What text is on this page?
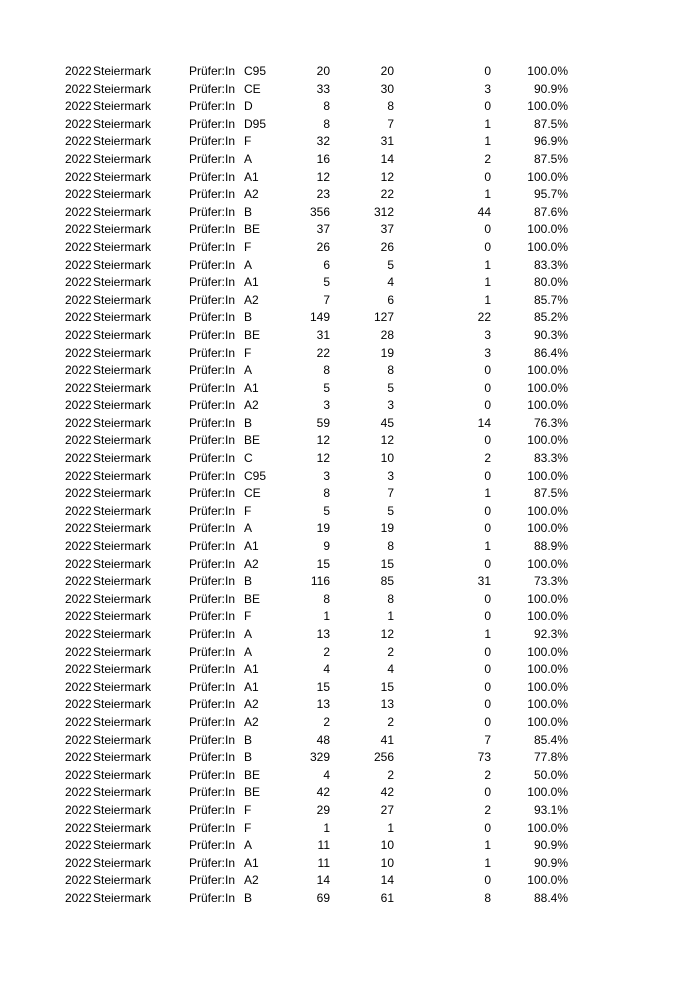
2022 Steiermark	Prüfer:In C95	20	20	0	100.0%
2022 Steiermark	Prüfer:In CE	33	30	3	90.9%
2022 Steiermark	Prüfer:In D	8	8	0	100.0%
2022 Steiermark	Prüfer:In D95	8	7	1	87.5%
2022 Steiermark	Prüfer:In F	32	31	1	96.9%
2022 Steiermark	Prüfer:In A	16	14	2	87.5%
2022 Steiermark	Prüfer:In A1	12	12	0	100.0%
2022 Steiermark	Prüfer:In A2	23	22	1	95.7%
2022 Steiermark	Prüfer:In B	356	312	44	87.6%
2022 Steiermark	Prüfer:In BE	37	37	0	100.0%
2022 Steiermark	Prüfer:In F	26	26	0	100.0%
2022 Steiermark	Prüfer:In A	6	5	1	83.3%
2022 Steiermark	Prüfer:In A1	5	4	1	80.0%
2022 Steiermark	Prüfer:In A2	7	6	1	85.7%
2022 Steiermark	Prüfer:In B	149	127	22	85.2%
2022 Steiermark	Prüfer:In BE	31	28	3	90.3%
2022 Steiermark	Prüfer:In F	22	19	3	86.4%
2022 Steiermark	Prüfer:In A	8	8	0	100.0%
2022 Steiermark	Prüfer:In A1	5	5	0	100.0%
2022 Steiermark	Prüfer:In A2	3	3	0	100.0%
2022 Steiermark	Prüfer:In B	59	45	14	76.3%
2022 Steiermark	Prüfer:In BE	12	12	0	100.0%
2022 Steiermark	Prüfer:In C	12	10	2	83.3%
2022 Steiermark	Prüfer:In C95	3	3	0	100.0%
2022 Steiermark	Prüfer:In CE	8	7	1	87.5%
2022 Steiermark	Prüfer:In F	5	5	0	100.0%
2022 Steiermark	Prüfer:In A	19	19	0	100.0%
2022 Steiermark	Prüfer:In A1	9	8	1	88.9%
2022 Steiermark	Prüfer:In A2	15	15	0	100.0%
2022 Steiermark	Prüfer:In B	116	85	31	73.3%
2022 Steiermark	Prüfer:In BE	8	8	0	100.0%
2022 Steiermark	Prüfer:In F	1	1	0	100.0%
2022 Steiermark	Prüfer:In A	13	12	1	92.3%
2022 Steiermark	Prüfer:In A	2	2	0	100.0%
2022 Steiermark	Prüfer:In A1	4	4	0	100.0%
2022 Steiermark	Prüfer:In A1	15	15	0	100.0%
2022 Steiermark	Prüfer:In A2	13	13	0	100.0%
2022 Steiermark	Prüfer:In A2	2	2	0	100.0%
2022 Steiermark	Prüfer:In B	48	41	7	85.4%
2022 Steiermark	Prüfer:In B	329	256	73	77.8%
2022 Steiermark	Prüfer:In BE	4	2	2	50.0%
2022 Steiermark	Prüfer:In BE	42	42	0	100.0%
2022 Steiermark	Prüfer:In F	29	27	2	93.1%
2022 Steiermark	Prüfer:In F	1	1	0	100.0%
2022 Steiermark	Prüfer:In A	11	10	1	90.9%
2022 Steiermark	Prüfer:In A1	11	10	1	90.9%
2022 Steiermark	Prüfer:In A2	14	14	0	100.0%
2022 Steiermark	Prüfer:In B	69	61	8	88.4%
